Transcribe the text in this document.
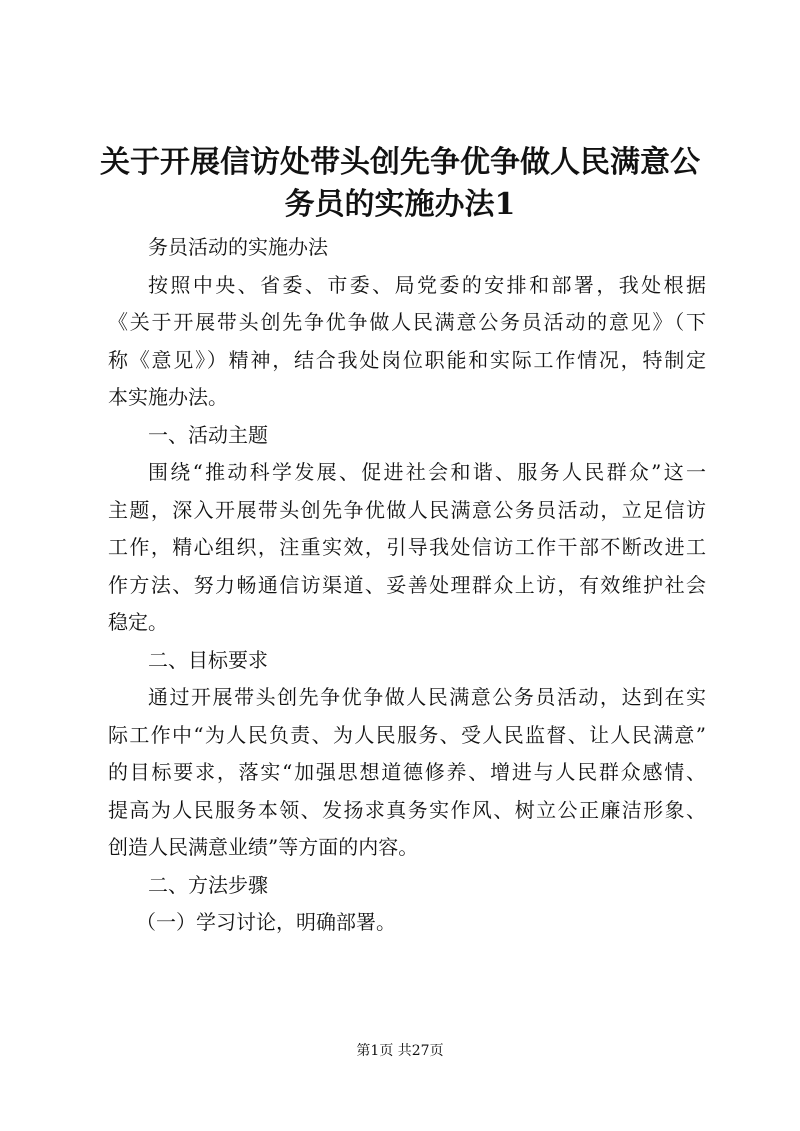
关于开展信访处带头创先争优争做人民满意公
务员的实施办法1
务员活动的实施办法
按照中央、省委、市委、局党委的安排和部署，我处根据
《关于开展带头创先争优争做人民满意公务员活动的意见》（下
称《意见》）精神，结合我处岗位职能和实际工作情况，特制定
本实施办法。
一、活动主题
围绕“推动科学发展、促进社会和谐、服务人民群众”这一
主题，深入开展带头创先争优做人民满意公务员活动，立足信访
工作，精心组织，注重实效，引导我处信访工作干部不断改进工
作方法、努力畅通信访渠道、妥善处理群众上访，有效维护社会
稳定。
二、目标要求
通过开展带头创先争优争做人民满意公务员活动，达到在实
际工作中“为人民负责、为人民服务、受人民监督、让人民满意”
的目标要求，落实“加强思想道德修养、增进与人民群众感情、
提高为人民服务本领、发扬求真务实作风、树立公正廉洁形象、
创造人民满意业绩”等方面的内容。
二、方法步骤
（一）学习讨论，明确部署。
第1页 共27页
